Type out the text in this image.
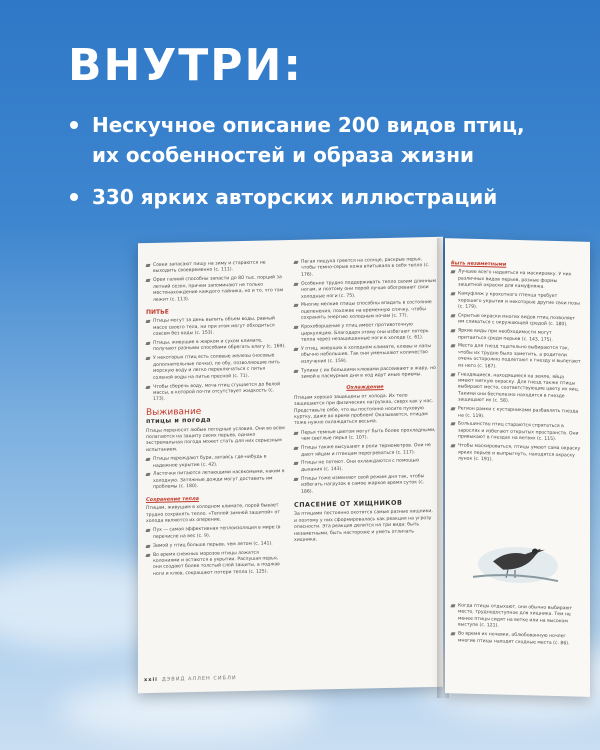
ВНУТРИ:
Нескучное описание 200 видов птиц,
их особенностей и образа жизни
330 ярких авторских иллюстраций

Совки запасают пищу на зиму и стараются не выходить своевременно (с. 111).

Ореи галиий способны запасти до 80 тыс. порций за летний сезон, причем запоминают не только местонахождение каждого тайника, но и то, что там лежит (с. 113).

ПИТЬЕ

Птицы могут за день выпить объем воды, равный массе своего тела, ни при этом могут обходиться совсем без воды (с. 153).

Птицы, живущие в жарком и сухом климате, получают разными способами обрегать влагу (с. 169).

У некоторых птиц есть солевые железы (носовые дополнительные почки), по обу, позволяющие пить морскую воду и легко переключаться с питья соленой воды на питье пресной (с. 71).

Чтобы сберечь воду, моча птиц сгущается до белой массы, в которой почти отсутствует жидкость (с. 173).

Выживание
птицы и погода
Птицы переносят любые погодные условия. Они во всем полагаются на защиту своих перьев, однако экстремальная погода может стать для них серьезным испытанием.

Птицы переждают бури, затаи́сь где-нибудь в надежное укрытие (с. 42).

Ласточки питаются летающими насекомыми, каким в холодную. Затяжные дожди могут доставить им проблемы (с. 180).

Сохранение тепла
Птицам, живущим в холодном климате, порой бывает трудно сохранять тепло. «Теплой зимней защитой» от холода являются их оперение.

Пух — самая эффективная теплоизоляция в мире (в перечисле на вес (с. 9).

Зимой у птиц больше перьев, чем летом (с. 141).

Во время снежных морозов птицы ложатся колониями и остаются в укрытии. Распушая перья, они создают более толстый слой защиты, а поджав ноги и клюв, сокращают потери тепла (с. 125).

Пегая пищуха греется на солнце, раскрыв перья, чтобы темно-серые кожа впитывала в себя тепло (с. 176).

Особенно трудно поддерживать тепло своим длинным ногам, и поэтому они порой лучше обогревают свои холодные ноги (с. 75).

Многие мелкие птицы способны впадать в состояние оцепенения, похожее на временную спячку, чтобы сохранять энергию холодным ночам (с. 77).

Крохоборщение у птиц имеет противоточную циркуляцию. Благодаря этому они избегают потерь тепла через незащищенные ноги в холоде (с. 61).

У птиц, живущих в холодном климате, клювы и лапы обычно небольшие. Так они уменьшают количество излучения (с. 159).

Тупики с их большими клювами рассеивают в жару, но зимой в пасмурные дни в ход идут иные приемы.

Охлаждение
Птицам хорошо защищены от холода. Их тело защищается при физических нагрузках, сверх как у нас. Представьте себе, что вы постоянно носите пуховую куртку, даже во время проблем! Оказывается, птицам тоже нужно охлаждаться весьма.

Перья темные цветом могут быть более прохладными, чем светлые перья (с. 107).

Птицы также высушают в роли термометров. Они не дают яйцам и птенцам перегреваться (с. 117).

Птицы не потеют. Они охлаждаются с помощью дыхания (с. 143).

Птицы тоже изменяют свой режим дня так, чтобы избегать нагрузок в самое жаркое время суток (с. 186).

СПАСЕНИЕ ОТ ХИЩНИКОВ
За птицами постоянно охотятся самые разные хищники, и поэтому у них сформировалась как реакция на угрозу опасности. Эта реакция делится на три вида: быть незаметными, быть настороже и уметь отличать хищника.
xxii ДЭВИД АЛЛЕН СИБЛИ
Быть незаметными

Лучшее всего надеяться на маскировку. У них различных видов перьев, разные формы защитной окраски для камуфляжа.

Камуфляж у крохотного птенца требует хорошего укрытия и некоторые другие свои позы (с. 179).

Скрытые окраски многих видов птиц позволяет им сливаться с окружающей средой (с. 180).

Яркие виды при необходимости могут притаиться среди перьев (с. 143, 175).

Места для гнезд тщательно выбираются так, чтобы их трудно было заметить, а родители очень осторожно подлетают к гнезду и вылетают из него (с. 187).

Гнездящиеся, находящиеся на земле, яйца имеют мягкую окраску. Для гнезд также птицы выбирают места, соответствующие цвету их яиц. Такими они бесполезно находятся в гнезде защищают их (с. 58).

Регион рамки с кустарниками разбавлять гнезда на (с. 119).

Большинство птиц стараются спрятаться в зарослях и избегают открытых пространств. Они привыкают в гнездах на ветвях (с. 115).

Чтобы маскироваться, птицы умеют сама окраску ярких перьев и выпрыгнуть, находятся окраску лунок (с. 191).

Когда птицы отдыхают, они обычно выбирают место, труднодоступное для хищника. Тем не менее птицы сидят на ветке или на высоком выступе (с. 121).

Во время их ночевки, облюбованную ночлег многие птицы находят сходные места (с. 86).
